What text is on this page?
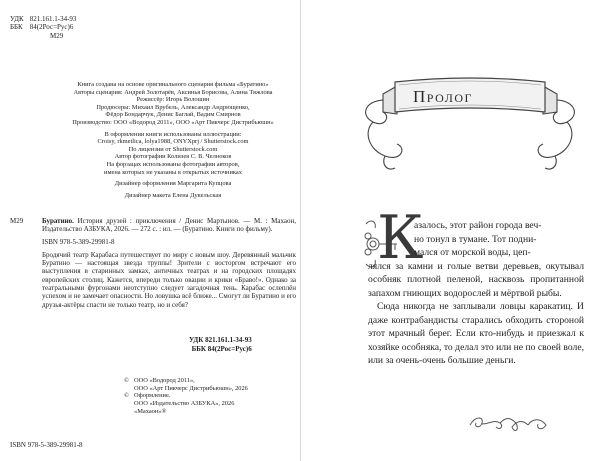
УДК 821.161.1-34-93
ББК 84(2Рос=Рус)6
М29
Книга создана на основе оригинального сценария фильма «Буратино»
Авторы сценария: Андрей Золотарёв, Аксинья Борисова, Алина Тяжлова
Режиссёр: Игорь Волошин
Продюсеры: Михаил Врубель, Александр Андрющенко,
Фёдор Бондарчук, Денис Баглай, Вадим Смирнов
Производство: ООО «Водород 2011», ООО «Арт Пикчерс Дистрибьюшн»
В оформлении книги использованы иллюстрации:
Croisy, rkmetlica, lolya1988, ONYXprj / Shutterstock.com
По лицензии от Shutterstock.com
Автор фотографии Колизея С. В. Челноков
На форзацах использованы фотографии авторов,
имена которых не указаны в открытых источниках
Дизайнер оформления Маргарита Купцова
Дизайнер макета Елена Дукельская
М29	Буратино. История друзей : приключения / Денис Мартынов. — М. : Махаон, Издательство АЗБУКА, 2026. — 272 с. : ил. — (Буратино. Книги по фильму).
ISBN 978-5-389-29981-8
Бродячий театр Карабаса путешествует по миру с новым шоу. Деревянный мальчик Буратино — настоящая звезда труппы! Зрители с восторгом встречают его выступления в старинных замках, античных театрах и на городских площадях европейских столиц. Кажется, впереди только овации и крики «Браво!». Однако за театральными фургонами неотступно следует загадочная тень. Карабас ослеплён успехом и не замечает опасности. Но ловушка всё ближе... Смогут ли Буратино и его друзья-актёры спасти не только театр, но и себя?
УДК 821.161.1-34-93
ББК 84(2Рос=Рус)6
© ООО «Водород 2011»,
ООО «Арт Пикчерс Дистрибьюшн», 2026
© Оформление.
ООО «Издательство АЗБУКА», 2026
«Махаон»®
ISBN 978-5-389-29981-8
Пролог
К

азалось, этот район города веч-

но тонул в тумане. Тот подни-

мался от морской воды, цеп-

лялся за камни и голые ветви деревьев, окутывал особняк плотной пеленой, насквозь пропитанной запахом гниющих водорослей и мёртвой рыбы.

Сюда никогда не заплывали ловцы каракатиц. И даже контрабандисты старались обходить стороной этот мрачный берег. Если кто-нибудь и приезжал к хозяйке особняка, то делал это или не по своей воле, или за очень-очень большие деньги.
